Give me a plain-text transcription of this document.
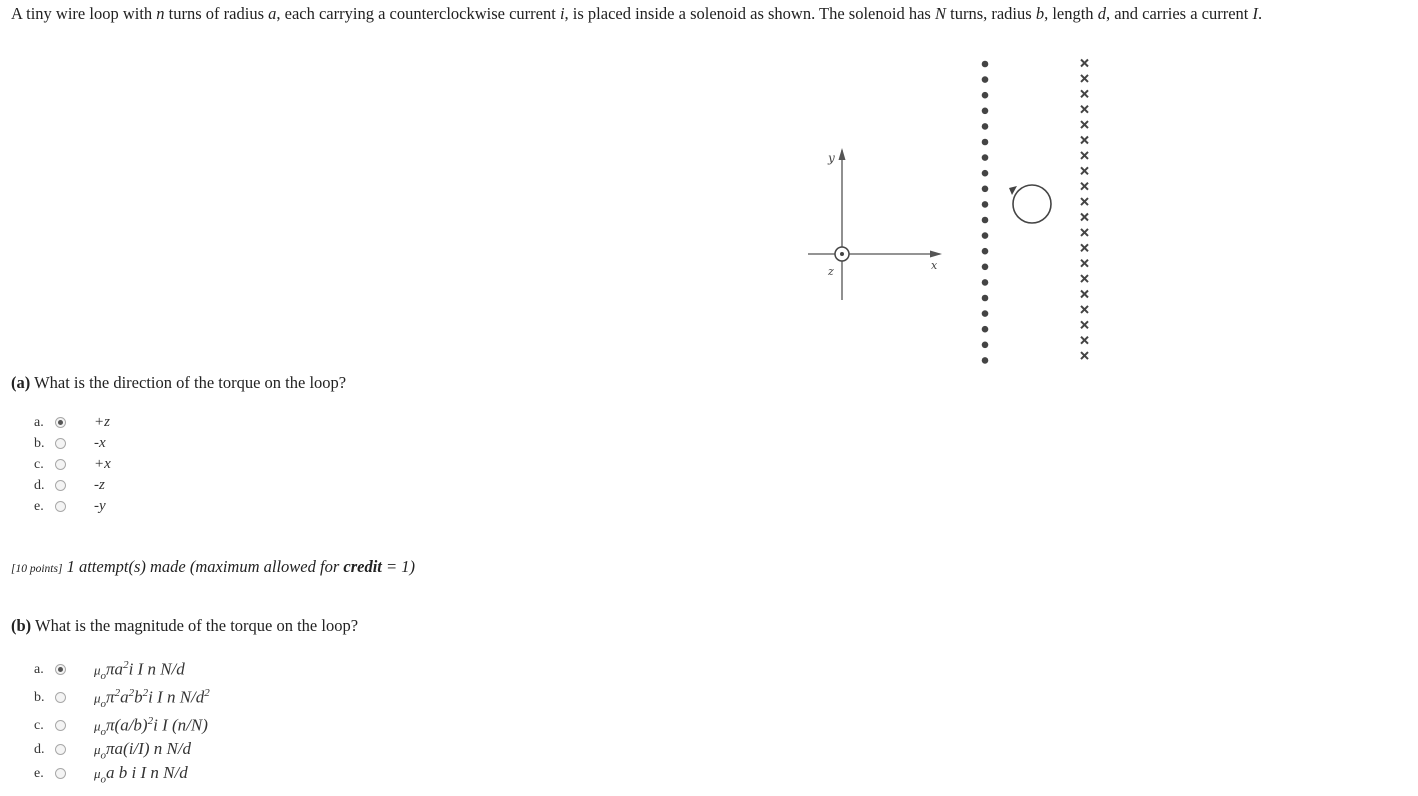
A tiny wire loop with n turns of radius a, each carrying a counterclockwise current i, is placed inside a solenoid as shown. The solenoid has N turns, radius b, length d, and carries a current I.
y
x
z
(a) What is the direction of the torque on the loop?
a.	+z
b.	-x
c.	+x
d.	-z
e.	-y
[10 points] 1 attempt(s) made (maximum allowed for credit = 1)
(b) What is the magnitude of the torque on the loop?
a.	$\mu_o\pi a^2i$ I n N/d
b.	$\mu_o\pi^2a^2b^2i$ I n $N/d^2$
c.	$\mu_o\pi(a/b)^2i$ I (n/N)
d.	$\mu_o\pi a(i/I)$ n N/d
e.	$\mu_oa$ b i I n N/d
